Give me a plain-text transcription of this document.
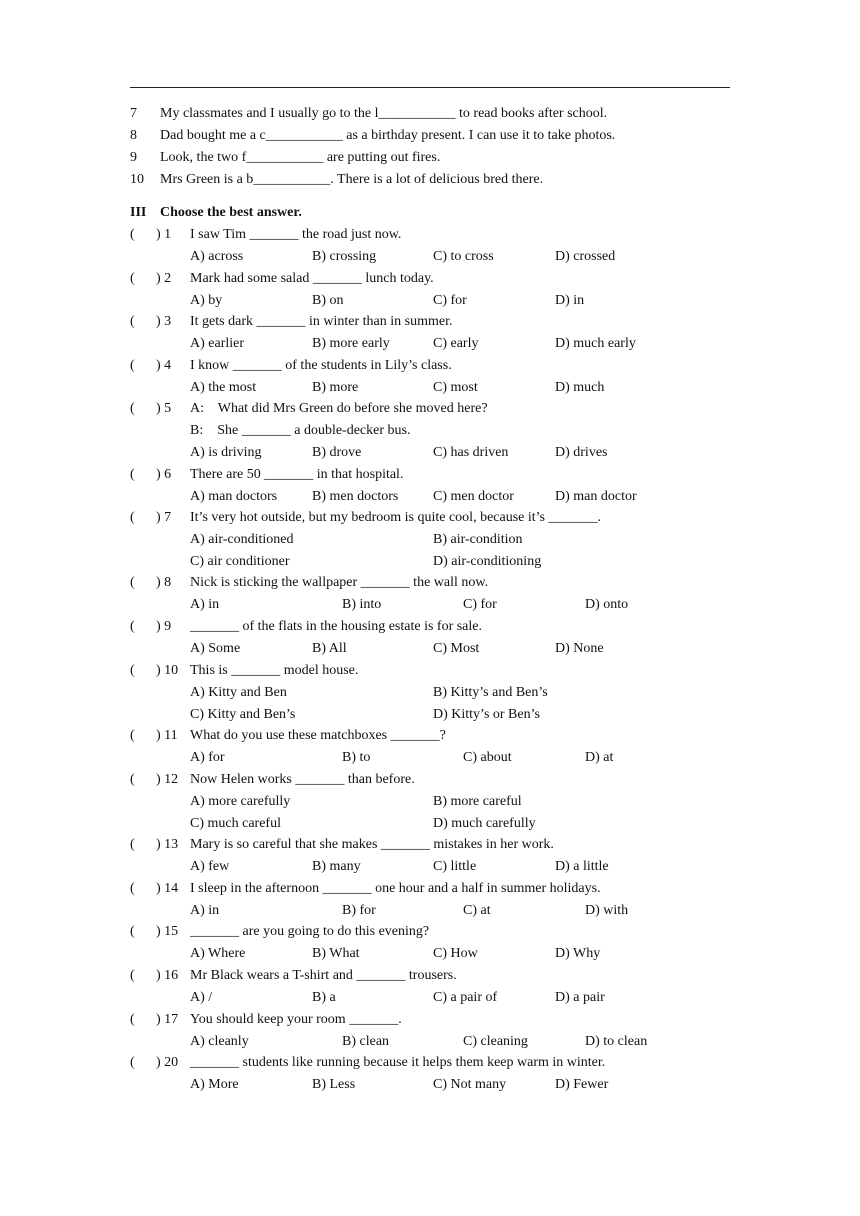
7 My classmates and I usually go to the l___________ to read books after school.
8 Dad bought me a c___________ as a birthday present. I can use it to take photos.
9 Look, the two f___________ are putting out fires.
10 Mrs Green is a b___________. There is a lot of delicious bred there.
III Choose the best answer.
( ) 1 I saw Tim _______ the road just now.
A) across	B) crossing	C) to cross	D) crossed
( ) 2 Mark had some salad _______ lunch today.
A) by	B) on	C) for	D) in
( ) 3 It gets dark _______ in winter than in summer.
A) earlier	B) more early	C) early	D) much early
( ) 4 I know _______ of the students in Lily’s class.
A) the most	B) more	C) most	D) much
( ) 5 A:    What did Mrs Green do before she moved here?
B:    She _______ a double-decker bus.
A) is driving	B) drove	C) has driven	D) drives
( ) 6 There are 50 _______ in that hospital.
A) man doctors B) men doctors C) men doctor	D) man doctor
( ) 7 It’s very hot outside, but my bedroom is quite cool, because it’s _______.
A) air-conditioned	B) air-condition
C) air conditioner	D) air-conditioning
( ) 8 Nick is sticking the wallpaper _______ the wall now.
A) in	B) into	C) for	D) onto
( ) 9 _______ of the flats in the housing estate is for sale.
A) Some	B) All	C) Most	D) None
( ) 10 This is _______ model house.
A) Kitty and Ben	B) Kitty’s and Ben’s
C) Kitty and Ben’s	D) Kitty’s or Ben’s
( ) 11 What do you use these matchboxes _______?
A) for	B) to	C) about	D) at
( ) 12 Now Helen works _______ than before.
A) more carefully	B) more careful
C) much careful	D) much carefully
( ) 13 Mary is so careful that she makes _______ mistakes in her work.
A) few	B) many	C) little	D) a little
( ) 14 I sleep in the afternoon _______ one hour and a half in summer holidays.
A) in	B) for	C) at	D) with
( ) 15 _______ are you going to do this evening?
A) Where	B) What	C) How	D) Why
( ) 16 Mr Black wears a T-shirt and _______ trousers.
A) /	B) a	C) a pair of	D) a pair
( ) 17 You should keep your room _______.
A) cleanly	B) clean	C) cleaning	D) to clean
( ) 20 _______ students like running because it helps them keep warm in winter.
A) More	B) Less	C) Not many	D) Fewer
